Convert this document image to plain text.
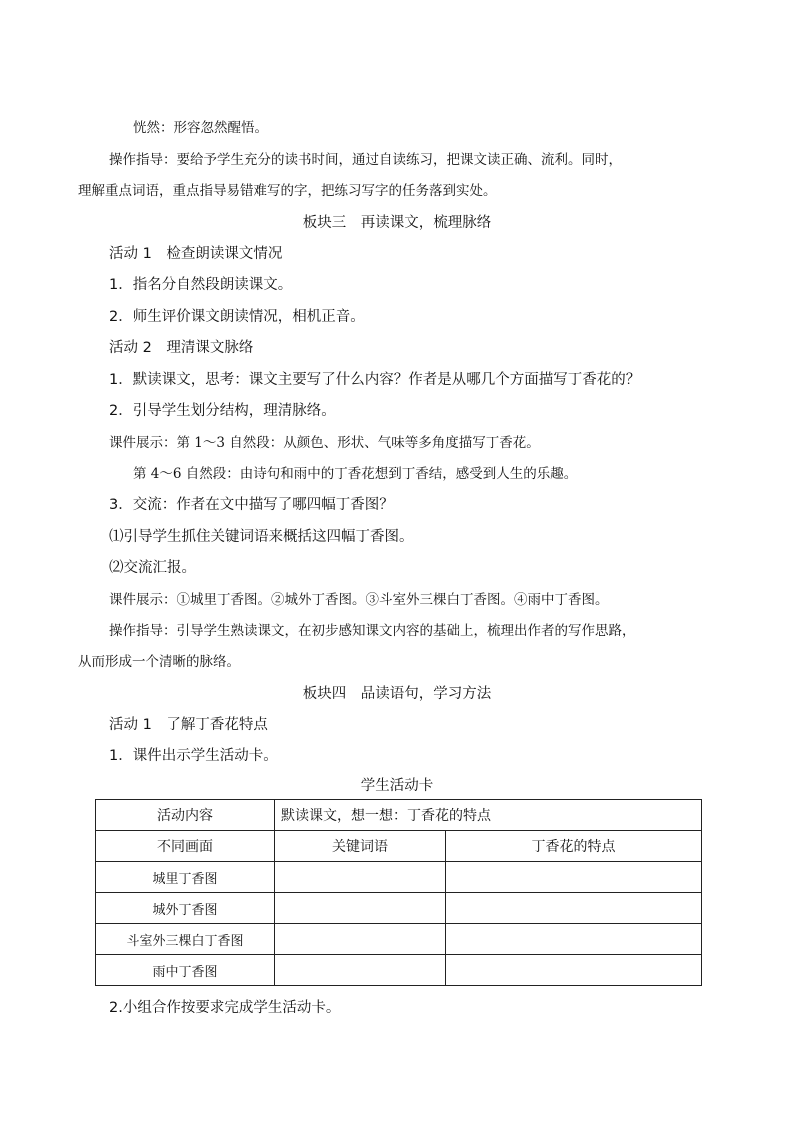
恍然：形容忽然醒悟。
操作指导：要给予学生充分的读书时间，通过自读练习，把课文读正确、流利。同时，
理解重点词语，重点指导易错难写的字，把练习写字的任务落到实处。
板块三　再读课文，梳理脉络
活动 1　检查朗读课文情况
1．指名分自然段朗读课文。
2．师生评价课文朗读情况，相机正音。
活动 2　理清课文脉络
1．默读课文，思考：课文主要写了什么内容？作者是从哪几个方面描写丁香花的？
2．引导学生划分结构，理清脉络。
课件展示：第 1～3 自然段：从颜色、形状、气味等多角度描写丁香花。
第 4～6 自然段：由诗句和雨中的丁香花想到丁香结，感受到人生的乐趣。
3．交流：作者在文中描写了哪四幅丁香图？
⑴引导学生抓住关键词语来概括这四幅丁香图。
⑵交流汇报。
课件展示：①城里丁香图。②城外丁香图。③斗室外三棵白丁香图。④雨中丁香图。
操作指导：引导学生熟读课文，在初步感知课文内容的基础上，梳理出作者的写作思路，
从而形成一个清晰的脉络。
板块四　品读语句，学习方法
活动 1　了解丁香花特点
1．课件出示学生活动卡。
学生活动卡
活动内容	默读课文，想一想：丁香花的特点	
不同画面	关键词语	丁香花的特点
城里丁香图		
城外丁香图		
斗室外三棵白丁香图		
雨中丁香图		
2.小组合作按要求完成学生活动卡。
